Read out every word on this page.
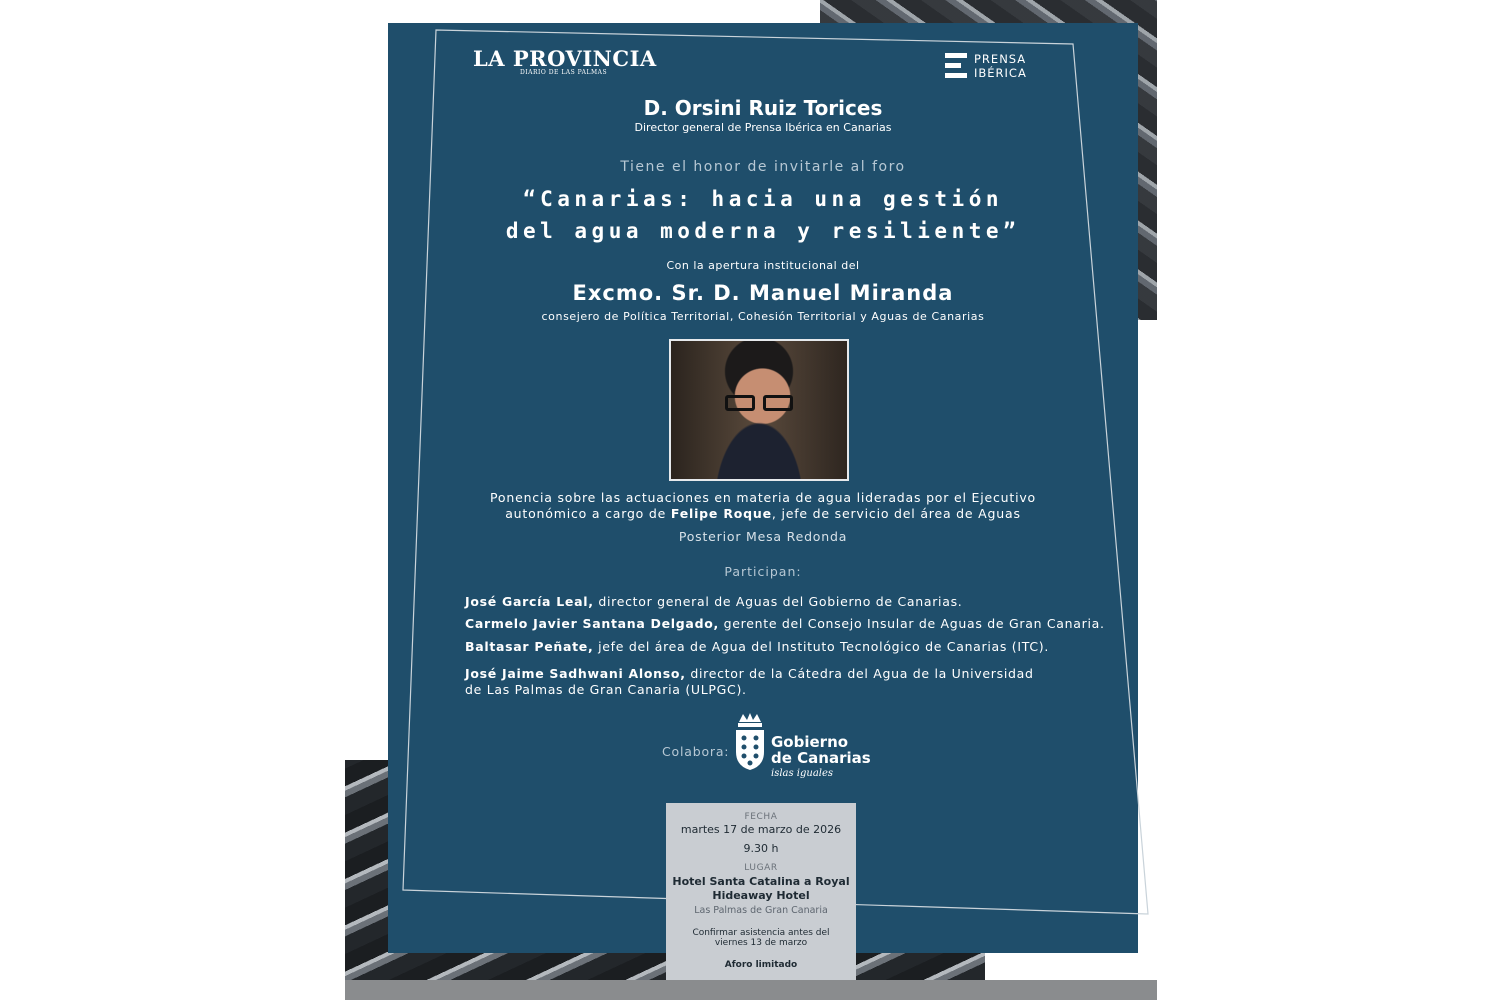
LA PROVINCIA
DIARIO DE LAS PALMAS
PRENSA
IBÉRICA
D. Orsini Ruiz Torices
Director general de Prensa Ibérica en Canarias
Tiene el honor de invitarle al foro
“Canarias: hacia una gestión
del agua moderna y resiliente”
Con la apertura institucional del
Excmo. Sr. D. Manuel Miranda
consejero de Política Territorial, Cohesión Territorial y Aguas de Canarias
Ponencia sobre las actuaciones en materia de agua lideradas por el Ejecutivo
autonómico a cargo de Felipe Roque, jefe de servicio del área de Aguas
Posterior Mesa Redonda
Participan:
José García Leal, director general de Aguas del Gobierno de Canarias.
Carmelo Javier Santana Delgado, gerente del Consejo Insular de Aguas de Gran Canaria.
Baltasar Peñate, jefe del área de Agua del Instituto Tecnológico de Canarias (ITC).
José Jaime Sadhwani Alonso, director de la Cátedra del Agua de la Universidad
de Las Palmas de Gran Canaria (ULPGC).
Colabora:
Gobierno
de Canarias
islas iguales
FECHA
martes 17 de marzo de 2026
9.30 h
LUGAR
Hotel Santa Catalina a Royal
Hideaway Hotel
Las Palmas de Gran Canaria
Confirmar asistencia antes del
viernes 13 de marzo
Aforo limitado
